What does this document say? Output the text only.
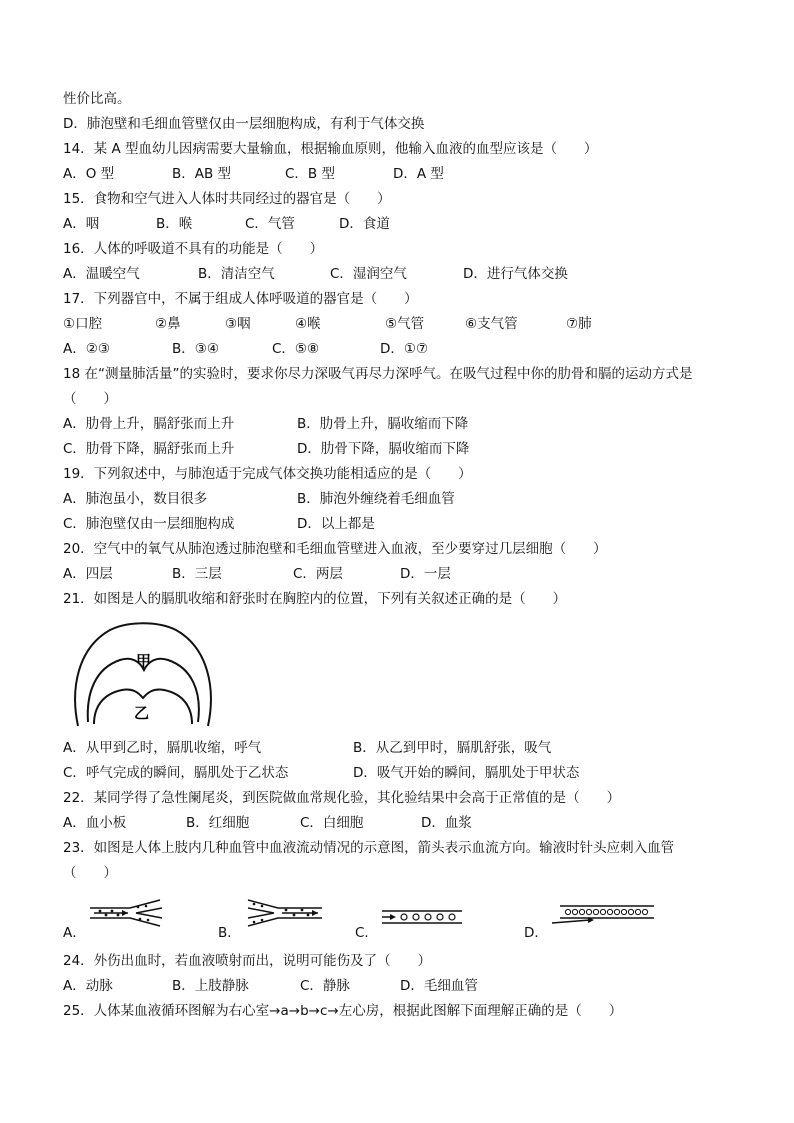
性价比高。
D．肺泡壁和毛细血管壁仅由一层细胞构成，有利于气体交换
14．某 A 型血幼儿因病需要大量输血，根据输血原则，他输入血液的血型应该是（　　）
A．O 型	B．AB 型	C．B 型	D．A 型
15．食物和空气进入人体时共同经过的器官是（　　）
A．咽	B．喉	C．气管	D．食道
16．人体的呼吸道不具有的功能是（　　）
A．温暖空气	B．清洁空气	C．湿润空气	D．进行气体交换
17．下列器官中，不属于组成人体呼吸道的器官是（　　）
①口腔	②鼻	③咽	④喉	⑤气管	⑥支气管	⑦肺
A．②③	B．③④	C．⑤⑧	D．①⑦
18 在“测量肺活量”的实验时，要求你尽力深吸气再尽力深呼气。在吸气过程中你的肋骨和膈的运动方式是
（　　）
A．肋骨上升，膈舒张而上升	B．肋骨上升，膈收缩而下降
C．肋骨下降，膈舒张而上升	D．肋骨下降，膈收缩而下降
19．下列叙述中，与肺泡适于完成气体交换功能相适应的是（　　）
A．肺泡虽小，数目很多	B．肺泡外缠绕着毛细血管
C．肺泡壁仅由一层细胞构成	D．以上都是
20．空气中的氧气从肺泡透过肺泡壁和毛细血管壁进入血液，至少要穿过几层细胞（　　）
A．四层	B．三层	C．两层	D．一层
21．如图是人的膈肌收缩和舒张时在胸腔内的位置，下列有关叙述正确的是（　　）
甲
乙
A．从甲到乙时，膈肌收缩，呼气	B．从乙到甲时，膈肌舒张，吸气
C．呼气完成的瞬间，膈肌处于乙状态	D．吸气开始的瞬间，膈肌处于甲状态
22．某同学得了急性阑尾炎，到医院做血常规化验，其化验结果中会高于正常值的是（　　）
A．血小板	B．红细胞	C．白细胞	D．血浆
23．如图是人体上肢内几种血管中血液流动情况的示意图，箭头表示血流方向。输液时针头应刺入血管
（　　）
A．	B．	C．	D．
24．外伤出血时，若血液喷射而出，说明可能伤及了（　　）
A．动脉	B．上肢静脉	C．静脉	D．毛细血管
25．人体某血液循环图解为右心室→a→b→c→左心房，根据此图解下面理解正确的是（　　）
